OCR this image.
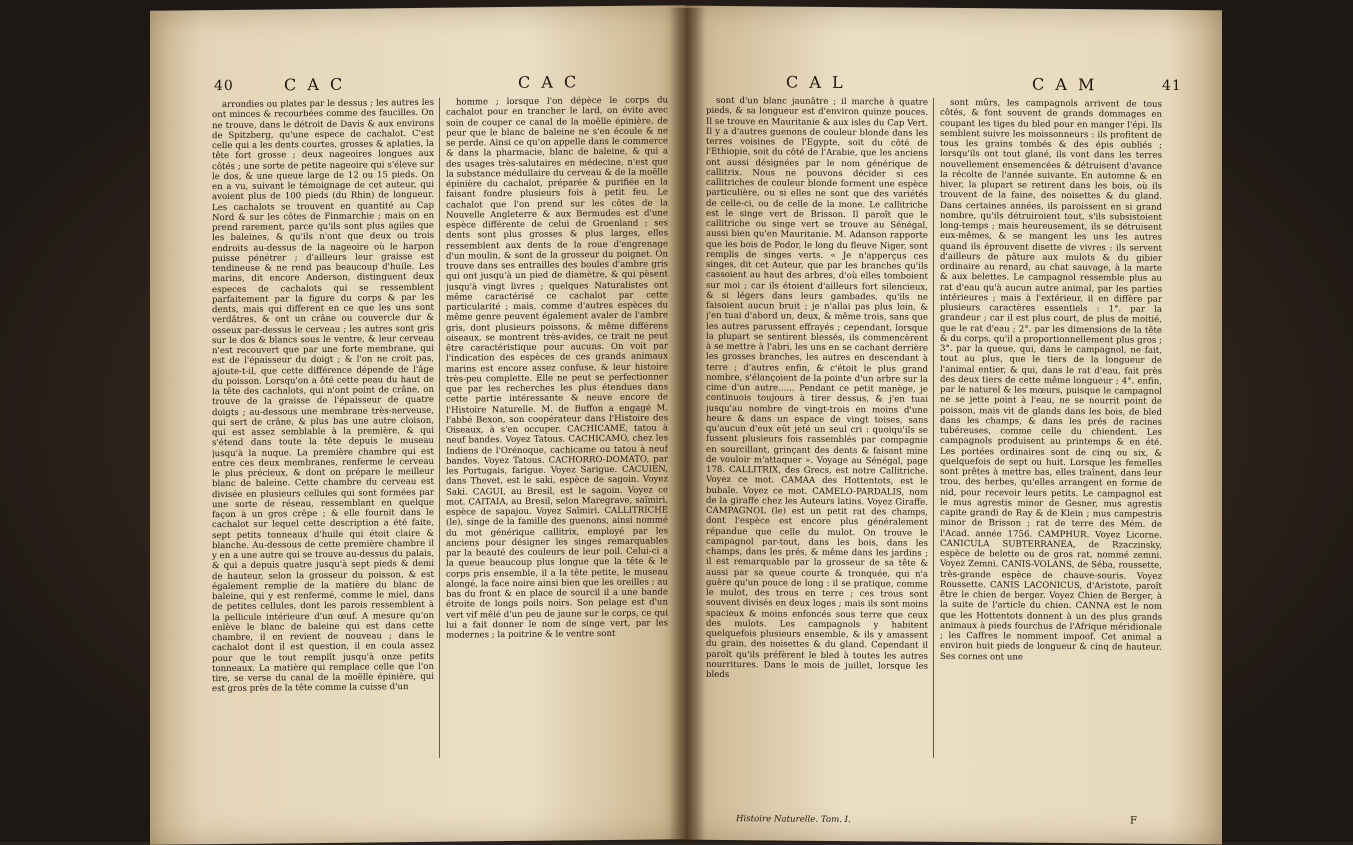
40	C A C	C A C

arrondies ou plates par le dessus ; les autres les ont minces & recourbées comme des faucilles. On ne trouve, dans le détroit de Davis & aux environs de Spitzberg, qu'une espece de cachalot. C'est celle qui a les dents courtes, grosses & aplaties, la tête fort grosse ; deux nageoires longues aux côtés ; une sorte de petite nageoire qui s'éleve sur le dos, & une queue large de 12 ou 15 pieds. On en a vu, suivant le témoignage de cet auteur, qui avoient plus de 100 pieds (du Rhin) de longueur. Les cachalots se trouvent en quantité au Cap Nord & sur les côtes de Finmarchie ; mais on en prend rarement, parce qu'ils sont plus agiles que les baleines, & qu'ils n'ont que deux ou trois endroits au-dessus de la nageoire où le harpon puisse pénétrer ; d'ailleurs leur graisse est tendineuse & ne rend pas beaucoup d'huile. Les marins, dit encore Anderson, distinguent deux especes de cachalots qui se ressemblent parfaitement par la figure du corps & par les dents, mais qui different en ce que les uns sont verdâtres, & ont un crâne ou couvercle dur & osseux par-dessus le cerveau ; les autres sont gris sur le dos & blancs sous le ventre, & leur cerveau n'est recouvert que par une forte membrane, qui est de l'épaisseur du doigt ; & l'on ne croit pas, ajoute-t-il, que cette différence dépende de l'âge du poisson. Lorsqu'on a ôté cette peau du haut de la tête des cachalots, qui n'ont point de crâne, on trouve de la graisse de l'épaisseur de quatre doigts ; au-dessous une membrane très-nerveuse, qui sert de crâne, & plus bas une autre cloison, qui est assez semblable à la première, & qui s'étend dans toute la tête depuis le museau jusqu'à la nuque. La première chambre qui est entre ces deux membranes, renferme le cerveau le plus précieux, & dont on prépare le meilleur blanc de baleine. Cette chambre du cerveau est divisée en plusieurs cellules qui sont formées par une sorte de réseau, ressemblant en quelque façon à un gros crêpe ; & elle fournit dans le cachalot sur lequel cette description a été faite, sept petits tonneaux d'huile qui étoit claire & blanche. Au-dessous de cette première chambre il y en a une autre qui se trouve au-dessus du palais, & qui a depuis quatre jusqu'à sept pieds & demi de hauteur, selon la grosseur du poisson, & est également remplie de la matière du blanc de baleine, qui y est renfermé, comme le miel, dans de petites cellules, dont les parois ressemblent à la pellicule intérieure d'un œuf. A mesure qu'on enlève le blanc de baleine qui est dans cette chambre, il en revient de nouveau ; dans le cachalot dont il est question, il en coula assez pour que le tout remplît jusqu'à onze petits tonneaux. La matière qui remplace celle que l'on tire, se verse du canal de la moëlle épinière, qui est gros près de la tête comme la cuisse d'un

homme ; lorsque l'on dépèce le corps du cachalot pour en trancher le lard, on évite avec soin de couper ce canal de la moëlle épinière, de peur que le blanc de baleine ne s'en écoule & ne se perde. Ainsi ce qu'on appelle dans le commerce & dans la pharmacie, blanc de baleine, & qui a des usages très-salutaires en médecine, n'est que la substance médullaire du cerveau & de la moëlle épinière du cachalot, préparée & purifiée en la faisant fondre plusieurs fois à petit feu. Le cachalot que l'on prend sur les côtes de la Nouvelle Angleterre & aux Bermudes est d'une espèce différente de celui de Groenland ; ses dents sont plus grosses & plus larges, elles ressemblent aux dents de la roue d'engrenage d'un moulin, & sont de la grosseur du poignet. On trouve dans ses entrailles des boules d'ambre gris qui ont jusqu'à un pied de diamètre, & qui pèsent jusqu'à vingt livres ; quelques Naturalistes ont même caractérisé ce cachalot par cette particularité ; mais, comme d'autres espèces du même genre peuvent également avaler de l'ambre gris, dont plusieurs poissons, & même différens oiseaux, se montrent très-avides, ce trait ne peut être caractéristique pour aucuns. On voit par l'indication des espèces de ces grands animaux marins est encore assez confuse, & leur histoire très-peu complette. Elle ne peut se perfectionner que par les recherches les plus étendues dans cette partie intéressante & neuve encore de l'Histoire Naturelle. M. de Buffon a engagé M. l'abbé Bexon, son coopérateur dans l'Histoire des Oiseaux, à s'en occuper. CACHICAME, tatou à neuf bandes. Voyez Tatous. CACHICAMO, chez les Indiens de l'Orénoque, cachicame ou tatou à neuf bandes. Voyez Tatous. CACHORRO-DOMATO, par les Portugais, farigue. Voyez Sarigue. CACUIEN, dans Thevet, est le saki, espèce de sagoin. Voyez Saki. CAGUI, au Bresil, est le sagoin. Voyez ce mot. CAITAIA, au Bresil, selon Maregrave, saïmiri, espèce de sapajou. Voyez Saïmiri. CALLITRICHE (le), singe de la famille des guenons, ainsi nommé du mot générique callitrix, employé par les anciens pour désigner les singes remarquables par la beauté des couleurs de leur poil. Celui-ci a la queue beaucoup plus longue que la tête & le corps pris ensemble, il a la tête petite, le museau alongé, la face noire ainsi bien que les oreilles ; au bas du front & en place de sourcil il a une bande étroite de longs poils noirs. Son pelage est d'un vert vif mêlé d'un peu de jaune sur le corps, ce qui lui a fait donner le nom de singe vert, par les modernes ; la poitrine & le ventre sont

C A L	C A M	41

sont d'un blanc jaunâtre ; il marche à quatre pieds, & sa longueur est d'environ quinze pouces. Il se trouve en Mauritanie & aux isles du Cap Vert. Il y a d'autres guenons de couleur blonde dans les terres voisines de l'Egypte, soit du côté de l'Ethiopie, soit du côté de l'Arabie, que les anciens ont aussi désignées par le nom générique de callitrix. Nous ne pouvons décider si ces callitriches de couleur blonde forment une espèce particulière, ou si elles ne sont que des variétés de celle-ci, ou de celle de la mone. Le callitriche est le singe vert de Brisson. Il paroît que le callitriche ou singe vert se trouve au Sénégal, aussi bien qu'en Mauritanie. M. Adanson rapporte que les bois de Podor, le long du fleuve Niger, sont remplis de singes verts. « Je n'apperçus ces singes, dit cet Auteur, que par les branches qu'ils cassoient au haut des arbres, d'où elles tomboient sur moi ; car ils étoient d'ailleurs fort silencieux, & si légers dans leurs gambades, qu'ils ne faisoient aucun bruit ; je n'allai pas plus loin, & j'en tuai d'abord un, deux, & même trois, sans que les autres parussent effrayés ; cependant, lorsque la plupart se sentirent blessés, ils commencèrent à se mettre à l'abri, les uns en se cachant derrière les grosses branches, les autres en descendant à terre ; d'autres enfin, & c'étoit le plus grand nombre, s'élançoient de la pointe d'un arbre sur la cime d'un autre...... Pendant ce petit manège, je continuois toujours à tirer dessus, & j'en tuai jusqu'au nombre de vingt-trois en moins d'une heure & dans un espace de vingt toises, sans qu'aucun d'eux eût jeté un seul cri : quoiqu'ils se fussent plusieurs fois rassemblés par compagnie en sourcillant, grinçant des dents & faisant mine de vouloir m'attaquer ». Voyage au Sénégal, page 178. CALLITRIX, des Grecs, est notre Callitriche. Voyez ce mot. CAMAA des Hottentots, est le bubale. Voyez ce mot. CAMELO-PARDALIS, nom de la giraffe chez les Auteurs latins. Voyez Giraffe. CAMPAGNOL (le) est un petit rat des champs, dont l'espèce est encore plus généralement répandue que celle du mulot. On trouve le campagnol par-tout, dans les bois, dans les champs, dans les prés, & même dans les jardins ; il est remarquable par la grosseur de sa tête & aussi par sa queue courte & tronquée, qui n'a guère qu'un pouce de long : il se pratique, comme le mulot, des trous en terre ; ces trous sont souvent divisés en deux loges ; mais ils sont moins spacieux & moins enfoncés sous terre que ceux des mulots. Les campagnols y habitent quelquefois plusieurs ensemble, & ils y amassent du grain, des noisettes & du gland. Cependant il paroît qu'ils préfèrent le bled à toutes les autres nourritures. Dans le mois de juillet, lorsque les bleds

sont mûrs, les campagnols arrivent de tous côtés, & font souvent de grands dommages en coupant les tiges du bled pour en manger l'épi. Ils semblent suivre les moissonneurs : ils profitent de tous les grains tombés & des épis oubliés ; lorsqu'ils ont tout glané, ils vont dans les terres nouvellement ensemencées & détruisent d'avance la récolte de l'année suivante. En automne & en hiver, la plupart se retirent dans les bois, où ils trouvent de la faine, des noisettes & du gland. Dans certaines années, ils paroissent en si grand nombre, qu'ils détruiroient tout, s'ils subsistoient long-temps ; mais heureusement, ils se détruisent eux-mêmes, & se mangent les uns les autres quand ils éprouvent disette de vivres : ils servent d'ailleurs de pâture aux mulots & du gibier ordinaire au renard, au chat sauvage, à la marte & aux belettes. Le campagnol ressemble plus au rat d'eau qu'à aucun autre animal, par les parties intérieures ; mais à l'extérieur, il en diffère par plusieurs caractères essentiels : 1°. par la grandeur ; car il est plus court, de plus de moitié, que le rat d'eau ; 2°. par les dimensions de la tête & du corps, qu'il a proportionnellement plus gros ; 3°. par la queue, qui, dans le campagnol, ne fait, tout au plus, que le tiers de la longueur de l'animal entier, & qui, dans le rat d'eau, fait près des deux tiers de cette même longueur ; 4°. enfin, par le naturel & les mœurs, puisque le campagnol ne se jette point à l'eau, ne se nourrit point de poisson, mais vit de glands dans les bois, de bled dans les champs, & dans les prés de racines tubéreuses, comme celle du chiendent. Les campagnols produisent au printemps & en été. Les portées ordinaires sont de cinq ou six, & quelquefois de sept ou huit. Lorsque les femelles sont prêtes à mettre bas, elles traînent, dans leur trou, des herbes, qu'elles arrangent en forme de nid, pour recevoir leurs petits. Le campagnol est le mus agrestis minor de Gesner, mus agrestis capite grandi de Ray & de Klein ; mus campestris minor de Brisson ; rat de terre des Mém. de l'Acad. année 1756. CAMPHUR. Voyez Licorne. CANICULA SUBTERRANEA, de Rzaczinsky, espèce de belette ou de gros rat, nommé zemni. Voyez Zemni. CANIS-VOLANS, de Séba, roussette, très-grande espèce de chauve-souris. Voyez Roussette. CANIS LACONICUS, d'Aristote, paroît être le chien de berger. Voyez Chien de Berger, à la suite de l'article du chien. CANNA est le nom que les Hottentots donnent à un des plus grands animaux à pieds fourchus de l'Afrique méridionale ; les Caffres le nomment impoof. Cet animal a environ huit pieds de longueur & cinq de hauteur. Ses cornes ont une

Histoire Naturelle. Tom. I.	F
